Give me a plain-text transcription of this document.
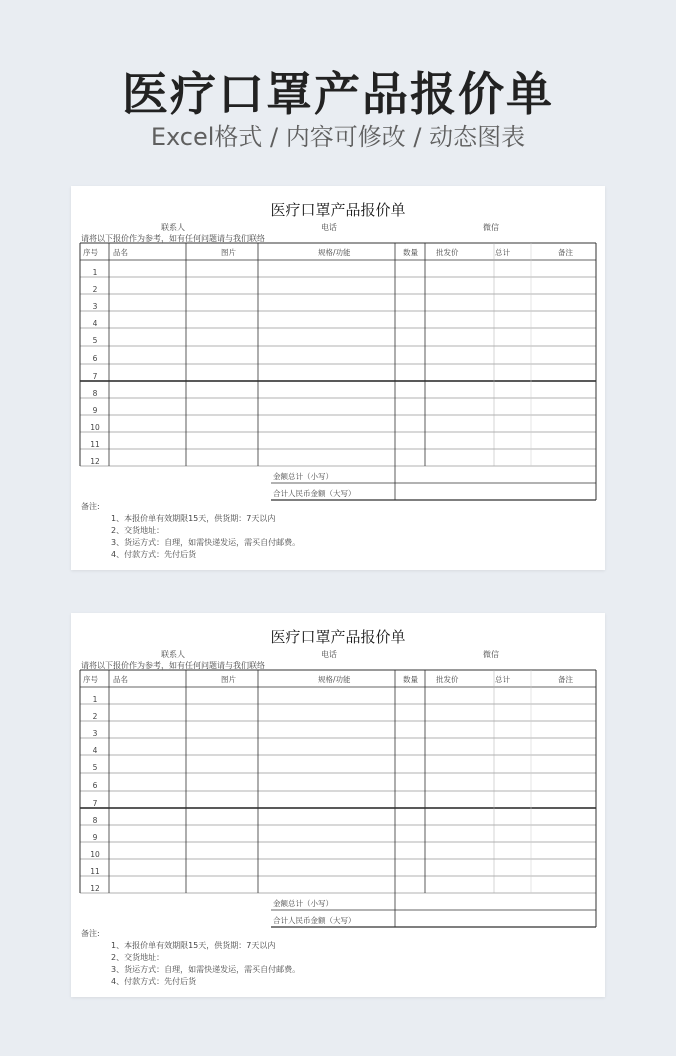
医疗口罩产品报价单
Excel格式 / 内容可修改 / 动态图表
医疗口罩产品报价单
联系人	电话	微信
请将以下报价作为参考，如有任何问题请与我们联络
序号 品名	图片	规格/功能	数量 批发价	总计	备注
1
2
3
4
5
6
7
8
9
10
11
12
金额总计（小写）
合计人民币金额（大写）
备注:
1、本报价单有效期限15天，供货期：7天以内
2、交货地址：
3、货运方式：自理，如需快递发运，需买自付邮费。
4、付款方式：先付后货
医疗口罩产品报价单
联系人	电话	微信
请将以下报价作为参考，如有任何问题请与我们联络
序号 品名	图片	规格/功能	数量 批发价	总计	备注
1
2
3
4
5
6
7
8
9
10
11
12
金额总计（小写）
合计人民币金额（大写）
备注:
1、本报价单有效期限15天，供货期：7天以内
2、交货地址：
3、货运方式：自理，如需快递发运，需买自付邮费。
4、付款方式：先付后货
